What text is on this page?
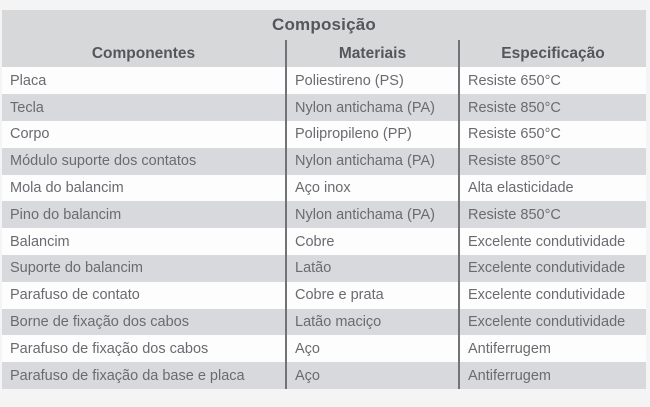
Composição
Componentes	Materiais	Especificação
Placa	Poliestireno (PS)	Resiste 650°C
Tecla	Nylon antichama (PA)	Resiste 850°C
Corpo	Polipropileno (PP)	Resiste 650°C
Módulo suporte dos contatos	Nylon antichama (PA)	Resiste 850°C
Mola do balancim	Aço inox	Alta elasticidade
Pino do balancim	Nylon antichama (PA)	Resiste 850°C
Balancim	Cobre	Excelente condutividade
Suporte do balancim	Latão	Excelente condutividade
Parafuso de contato	Cobre e prata	Excelente condutividade
Borne de fixação dos cabos	Latão maciço	Excelente condutividade
Parafuso de fixação dos cabos	Aço	Antiferrugem
Parafuso de fixação da base e placa	Aço	Antiferrugem
